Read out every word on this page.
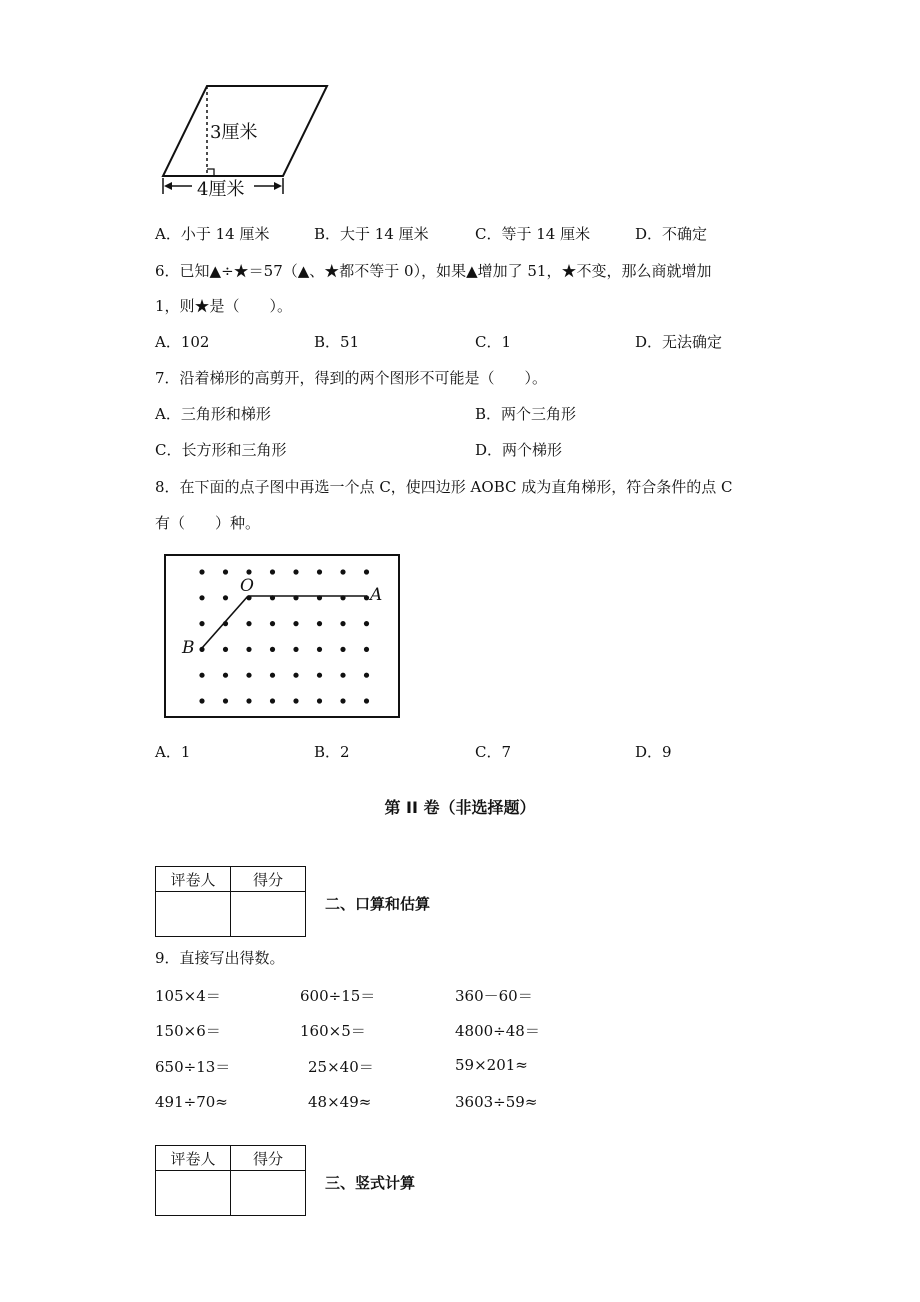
3厘米
4厘米
A．小于 14 厘米	B．大于 14 厘米	C．等于 14 厘米	D．不确定
6．已知▲÷★＝57（▲、★都不等于 0），如果▲增加了 51，★不变，那么商就增加
1，则★是（　　）。
A．102	B．51	C．1	D．无法确定
7．沿着梯形的高剪开，得到的两个图形不可能是（　　）。
A．三角形和梯形	B．两个三角形
C．长方形和三角形	D．两个梯形
8．在下面的点子图中再选一个点 C，使四边形 AOBC 成为直角梯形，符合条件的点 C
有（　　）种。
O	A
B
A．1	B．2	C．7	D．9
第 II 卷（非选择题）
评卷人	得分

二、口算和估算
9．直接写出得数。
105×4＝	600÷15＝	360－60＝
150×6＝	160×5＝	4800÷48＝
650÷13＝	25×40＝	59×201≈
491÷70≈	48×49≈	3603÷59≈
评卷人	得分

三、竖式计算
